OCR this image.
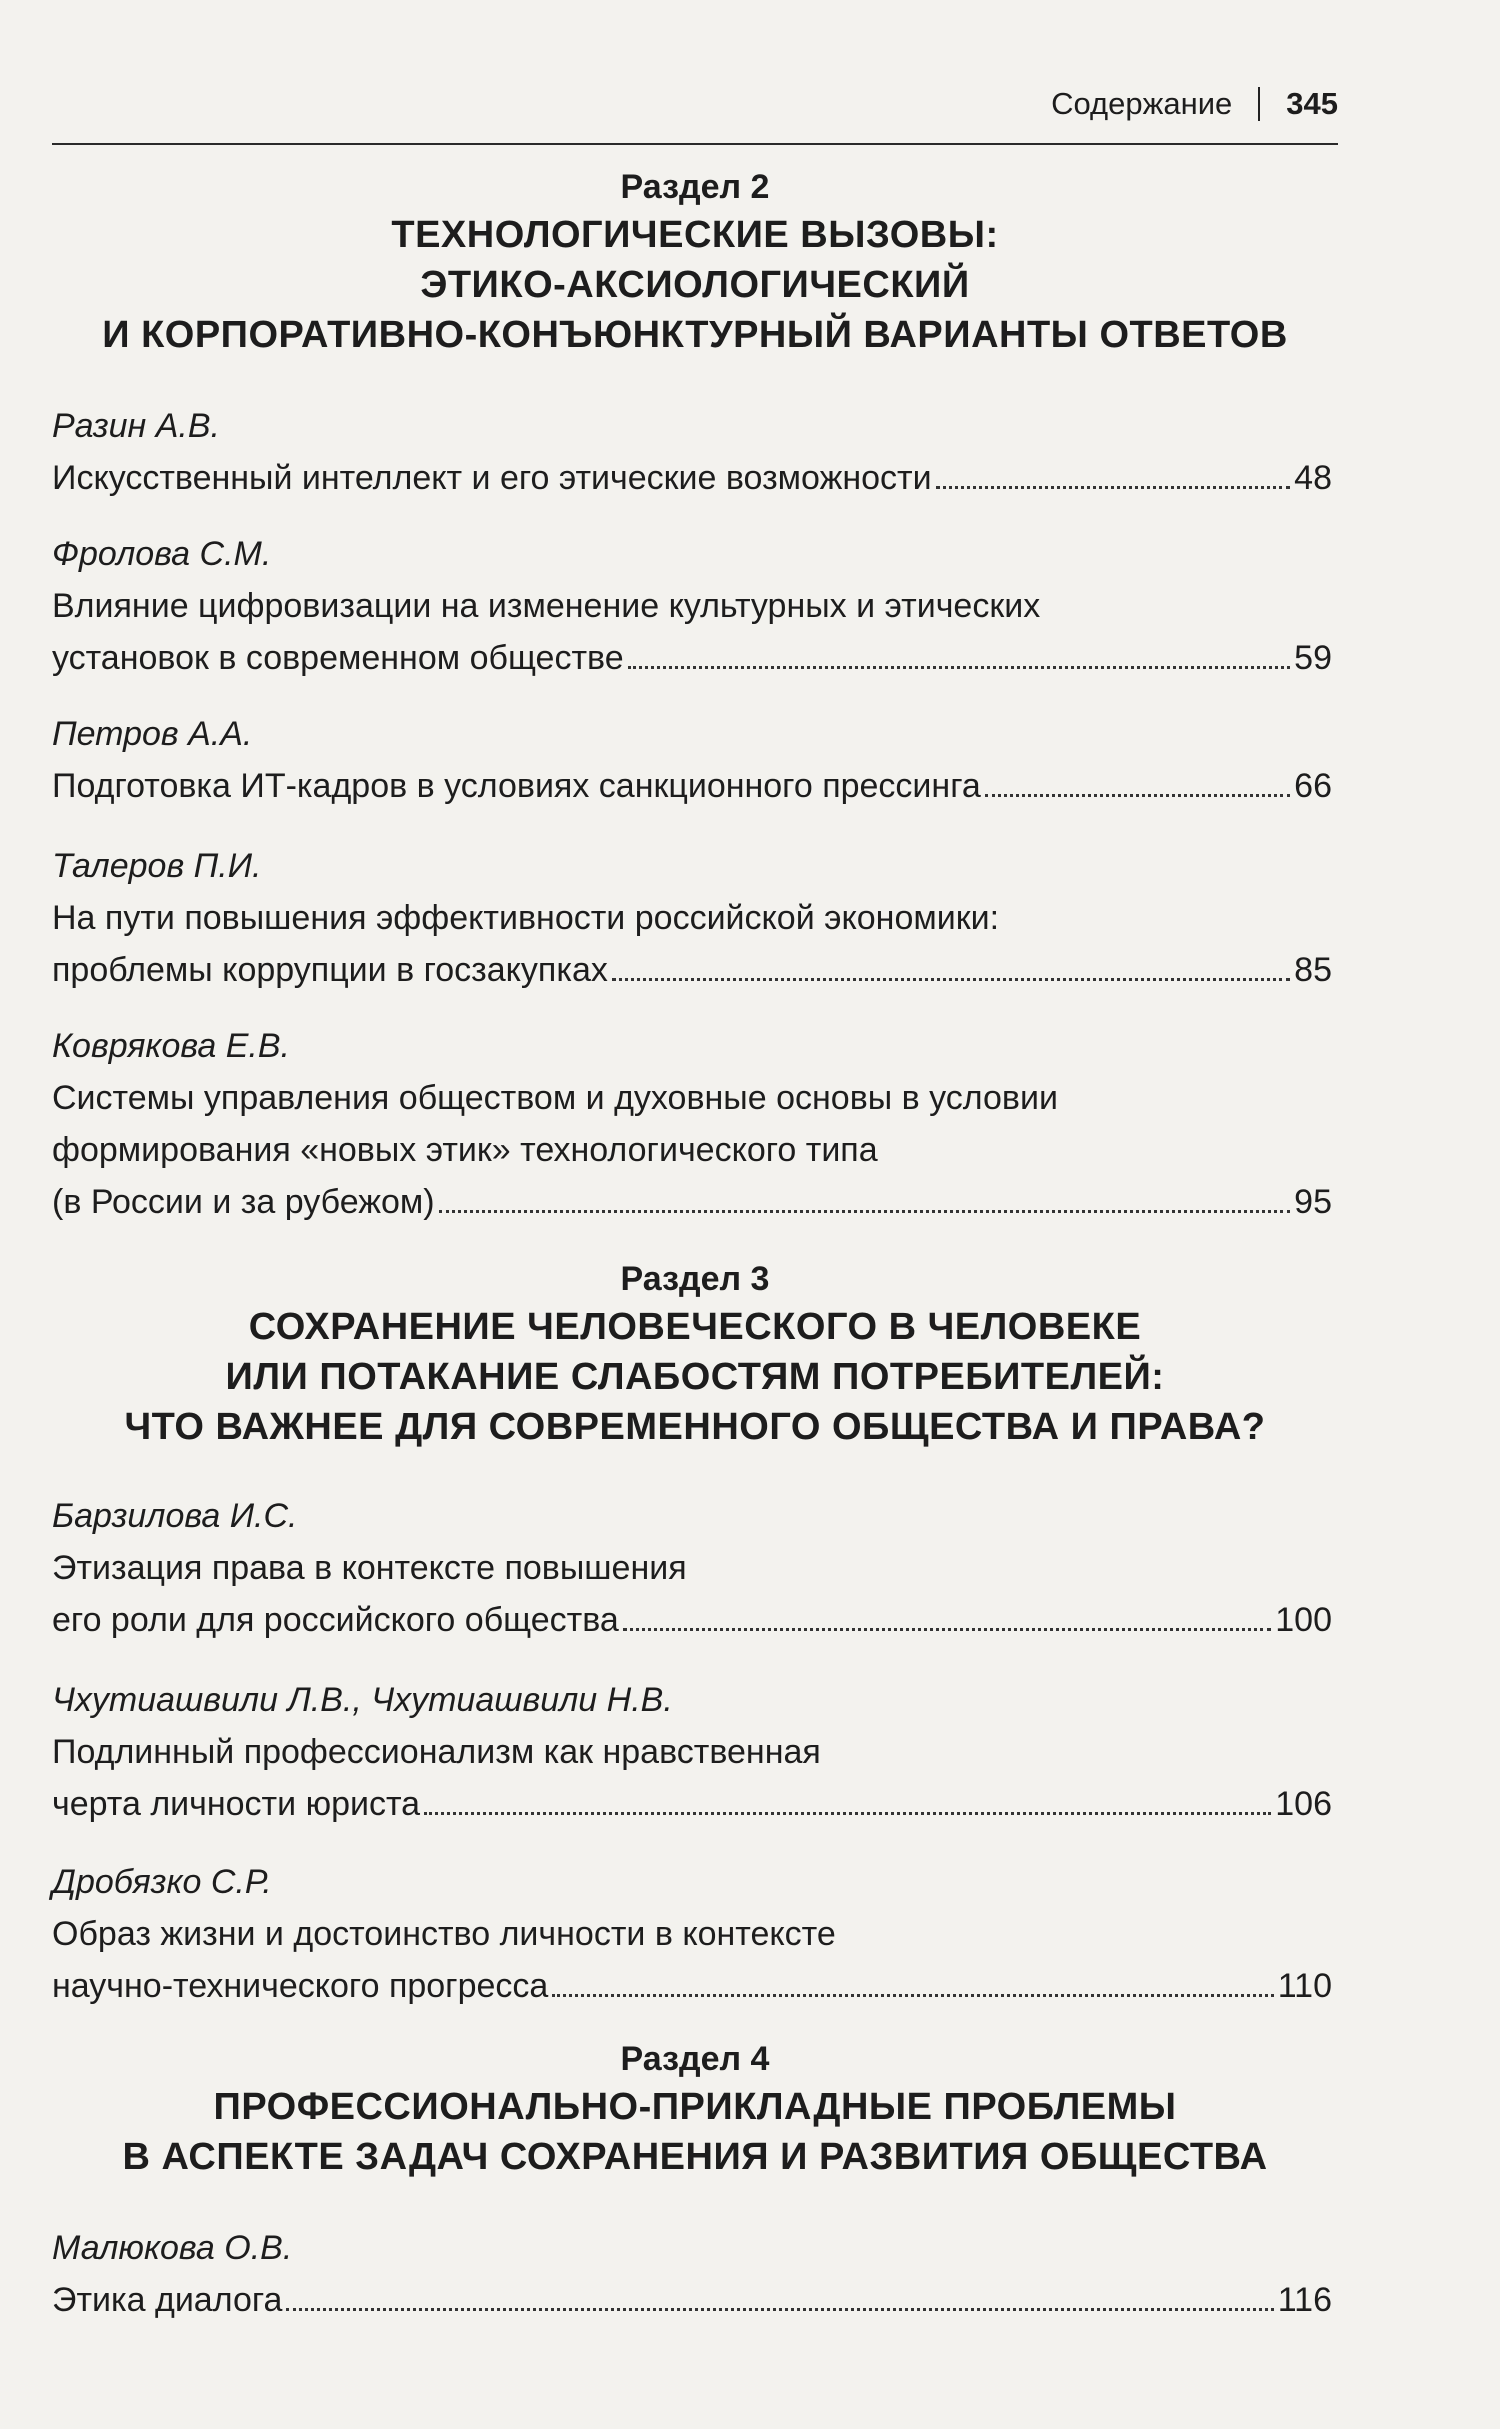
Содержание 345
Раздел 2
ТЕХНОЛОГИЧЕСКИЕ ВЫЗОВЫ:
ЭТИКО-АКСИОЛОГИЧЕСКИЙ
И КОРПОРАТИВНО-КОНЪЮНКТУРНЫЙ ВАРИАНТЫ ОТВЕТОВ
Разин А.В.
Искусственный интеллект и его этические возможности	48
Фролова С.М.
Влияние цифровизации на изменение культурных и этических
установок в современном обществе	59
Петров А.А.
Подготовка ИТ-кадров в условиях санкционного прессинга	66
Талеров П.И.
На пути повышения эффективности российской экономики:
проблемы коррупции в госзакупках	85
Коврякова Е.В.
Системы управления обществом и духовные основы в условии
формирования «новых этик» технологического типа
(в России и за рубежом)	95
Раздел 3
СОХРАНЕНИЕ ЧЕЛОВЕЧЕСКОГО В ЧЕЛОВЕКЕ
ИЛИ ПОТАКАНИЕ СЛАБОСТЯМ ПОТРЕБИТЕЛЕЙ:
ЧТО ВАЖНЕЕ ДЛЯ СОВРЕМЕННОГО ОБЩЕСТВА И ПРАВА?
Барзилова И.С.
Этизация права в контексте повышения
его роли для российского общества	100
Чхутиашвили Л.В., Чхутиашвили Н.В.
Подлинный профессионализм как нравственная
черта личности юриста	106
Дробязко С.Р.
Образ жизни и достоинство личности в контексте
научно-технического прогресса	110
Раздел 4
ПРОФЕССИОНАЛЬНО-ПРИКЛАДНЫЕ ПРОБЛЕМЫ
В АСПЕКТЕ ЗАДАЧ СОХРАНЕНИЯ И РАЗВИТИЯ ОБЩЕСТВА
Малюкова О.В.
Этика диалога	116
